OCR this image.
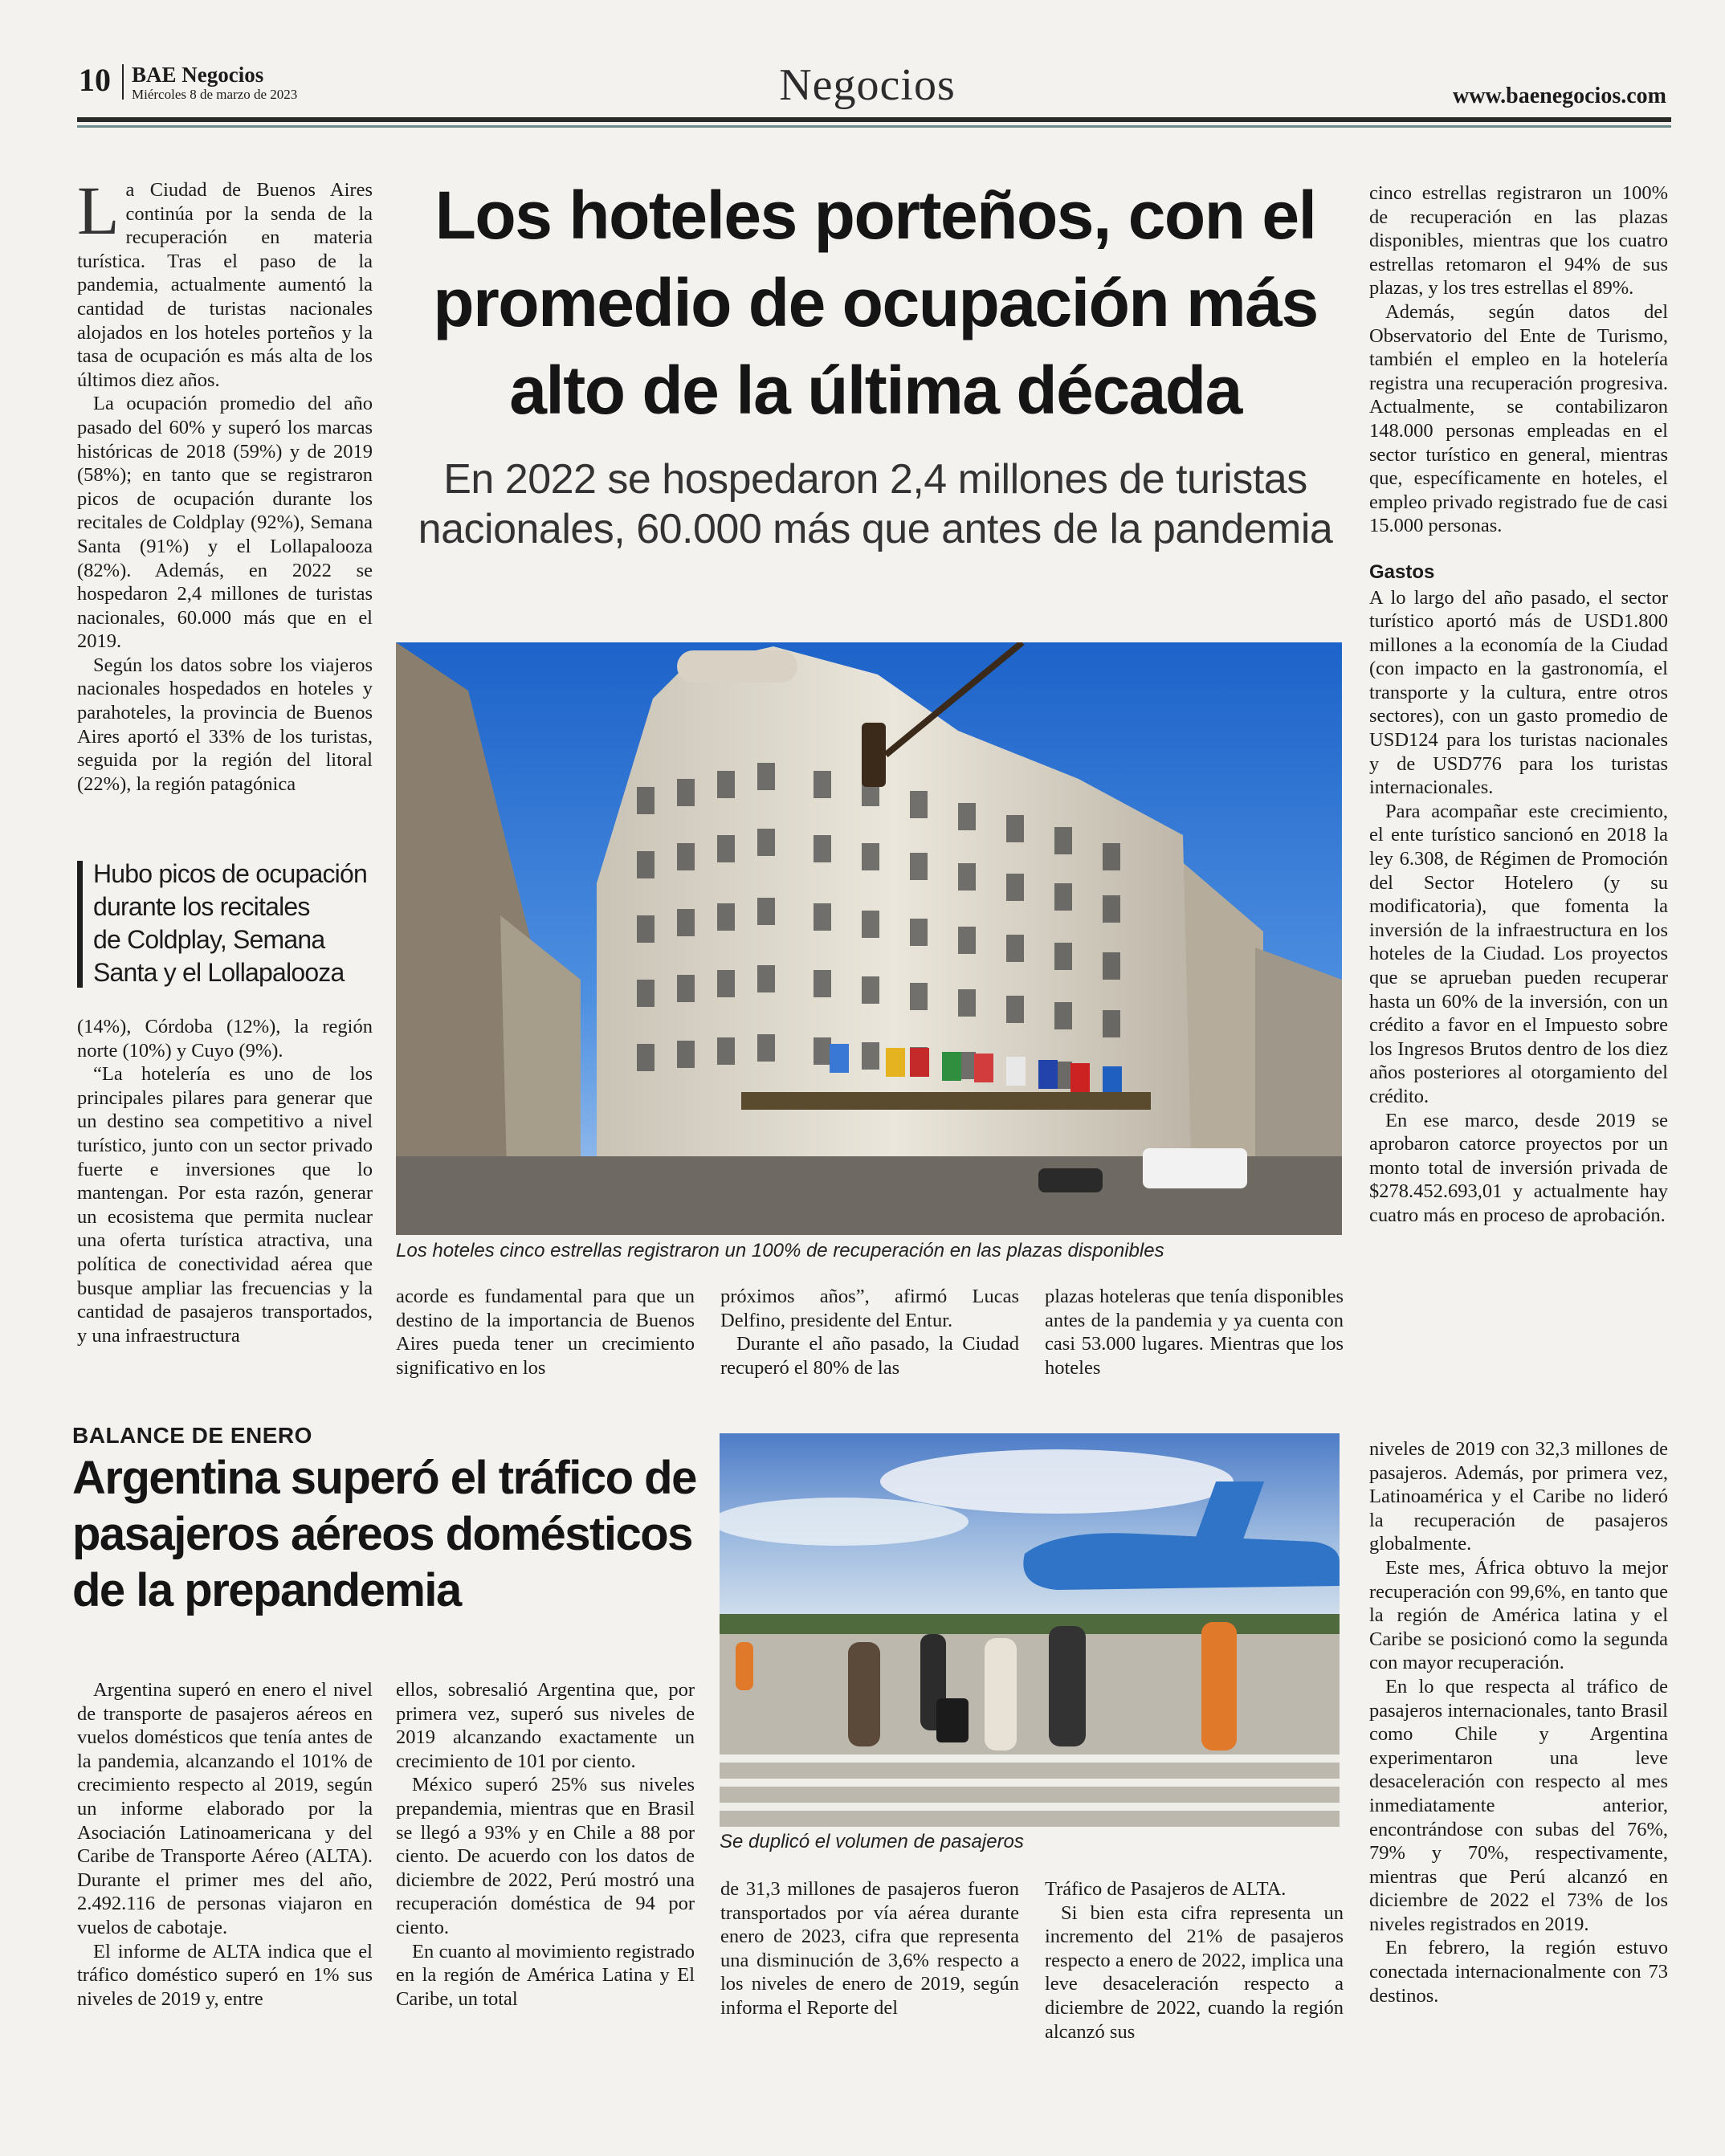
10 BAE Negocios
Miércoles 8 de marzo de 2023	Negocios	www.baenegocios.com
Los hoteles porteños, con el
promedio de ocupación más
alto de la última década
En 2022 se hospedaron 2,4 millones de turistas
nacionales, 60.000 más que antes de la pandemia

La Ciudad de Buenos Aires continúa por la senda de la recuperación en materia turística. Tras el paso de la pandemia, actualmente aumentó la cantidad de turistas nacionales alojados en los hoteles porteños y la tasa de ocupación es más alta de los últimos diez años.

La ocupación promedio del año pasado del 60% y superó los marcas históricas de 2018 (59%) y de 2019 (58%); en tanto que se registraron picos de ocupación durante los recitales de Coldplay (92%), Semana Santa (91%) y el Lollapalooza (82%). Además, en 2022 se hospedaron 2,4 millones de turistas nacionales, 60.000 más que en el 2019.

Según los datos sobre los viajeros nacionales hospedados en hoteles y parahoteles, la provincia de Buenos Aires aportó el 33% de los turistas, seguida por la región del litoral (22%), la región patagónica

Hubo picos de ocupación
durante los recitales
de Coldplay, Semana
Santa y el Lollapalooza

(14%), Córdoba (12%), la región norte (10%) y Cuyo (9%).

“La hotelería es uno de los principales pilares para generar que un destino sea competitivo a nivel turístico, junto con un sector privado fuerte e inversiones que lo mantengan. Por esta razón, generar un ecosistema que permita nuclear una oferta turística atractiva, una política de conectividad aérea que busque ampliar las frecuencias y la cantidad de pasajeros transportados, y una infraestructura

Los hoteles cinco estrellas registraron un 100% de recuperación en las plazas disponibles

acorde es fundamental para que un destino de la importancia de Buenos Aires pueda tener un crecimiento significativo en los

próximos años”, afirmó Lucas Delfino, presidente del Entur.

Durante el año pasado, la Ciudad recuperó el 80% de las

plazas hoteleras que tenía disponibles antes de la pandemia y ya cuenta con casi 53.000 lugares. Mientras que los hoteles

cinco estrellas registraron un 100% de recuperación en las plazas disponibles, mientras que los cuatro estrellas retomaron el 94% de sus plazas, y los tres estrellas el 89%.

Además, según datos del Observatorio del Ente de Turismo, también el empleo en la hotelería registra una recuperación progresiva. Actualmente, se contabilizaron 148.000 personas empleadas en el sector turístico en general, mientras que, específicamente en hoteles, el empleo privado registrado fue de casi 15.000 personas.

Gastos

A lo largo del año pasado, el sector turístico aportó más de USD1.800 millones a la economía de la Ciudad (con impacto en la gastronomía, el transporte y la cultura, entre otros sectores), con un gasto promedio de USD124 para los turistas nacionales y de USD776 para los turistas internacionales.

Para acompañar este crecimiento, el ente turístico sancionó en 2018 la ley 6.308, de Régimen de Promoción del Sector Hotelero (y su modificatoria), que fomenta la inversión de la infraestructura en los hoteles de la Ciudad. Los proyectos que se aprueban pueden recuperar hasta un 60% de la inversión, con un crédito a favor en el Impuesto sobre los Ingresos Brutos dentro de los diez años posteriores al otorgamiento del crédito.

En ese marco, desde 2019 se aprobaron catorce proyectos por un monto total de inversión privada de $278.452.693,01 y actualmente hay cuatro más en proceso de aprobación.

BALANCE DE ENERO
Argentina superó el tráfico de
pasajeros aéreos domésticos
de la prepandemia

Argentina superó en enero el nivel de transporte de pasajeros aéreos en vuelos domésticos que tenía antes de la pandemia, alcanzando el 101% de crecimiento respecto al 2019, según un informe elaborado por la Asociación Latinoamericana y del Caribe de Transporte Aéreo (ALTA). Durante el primer mes del año, 2.492.116 de personas viajaron en vuelos de cabotaje.

El informe de ALTA indica que el tráfico doméstico superó en 1% sus niveles de 2019 y, entre

ellos, sobresalió Argentina que, por primera vez, superó sus niveles de 2019 alcanzando exactamente un crecimiento de 101 por ciento.

México superó 25% sus niveles prepandemia, mientras que en Brasil se llegó a 93% y en Chile a 88 por ciento. De acuerdo con los datos de diciembre de 2022, Perú mostró una recuperación doméstica de 94 por ciento.

En cuanto al movimiento registrado en la región de América Latina y El Caribe, un total

Se duplicó el volumen de pasajeros

de 31,3 millones de pasajeros fueron transportados por vía aérea durante enero de 2023, cifra que representa una disminución de 3,6% respecto a los niveles de enero de 2019, según informa el Reporte del

Tráfico de Pasajeros de ALTA.

Si bien esta cifra representa un incremento del 21% de pasajeros respecto a enero de 2022, implica una leve desaceleración respecto a diciembre de 2022, cuando la región alcanzó sus

niveles de 2019 con 32,3 millones de pasajeros. Además, por primera vez, Latinoamérica y el Caribe no lideró la recuperación de pasajeros globalmente.

Este mes, África obtuvo la mejor recuperación con 99,6%, en tanto que la región de América latina y el Caribe se posicionó como la segunda con mayor recuperación.

En lo que respecta al tráfico de pasajeros internacionales, tanto Brasil como Chile y Argentina experimentaron una leve desaceleración con respecto al mes inmediatamente anterior, encontrándose con subas del 76%, 79% y 70%, respectivamente, mientras que Perú alcanzó en diciembre de 2022 el 73% de los niveles registrados en 2019.

En febrero, la región estuvo conectada internacionalmente con 73 destinos.
